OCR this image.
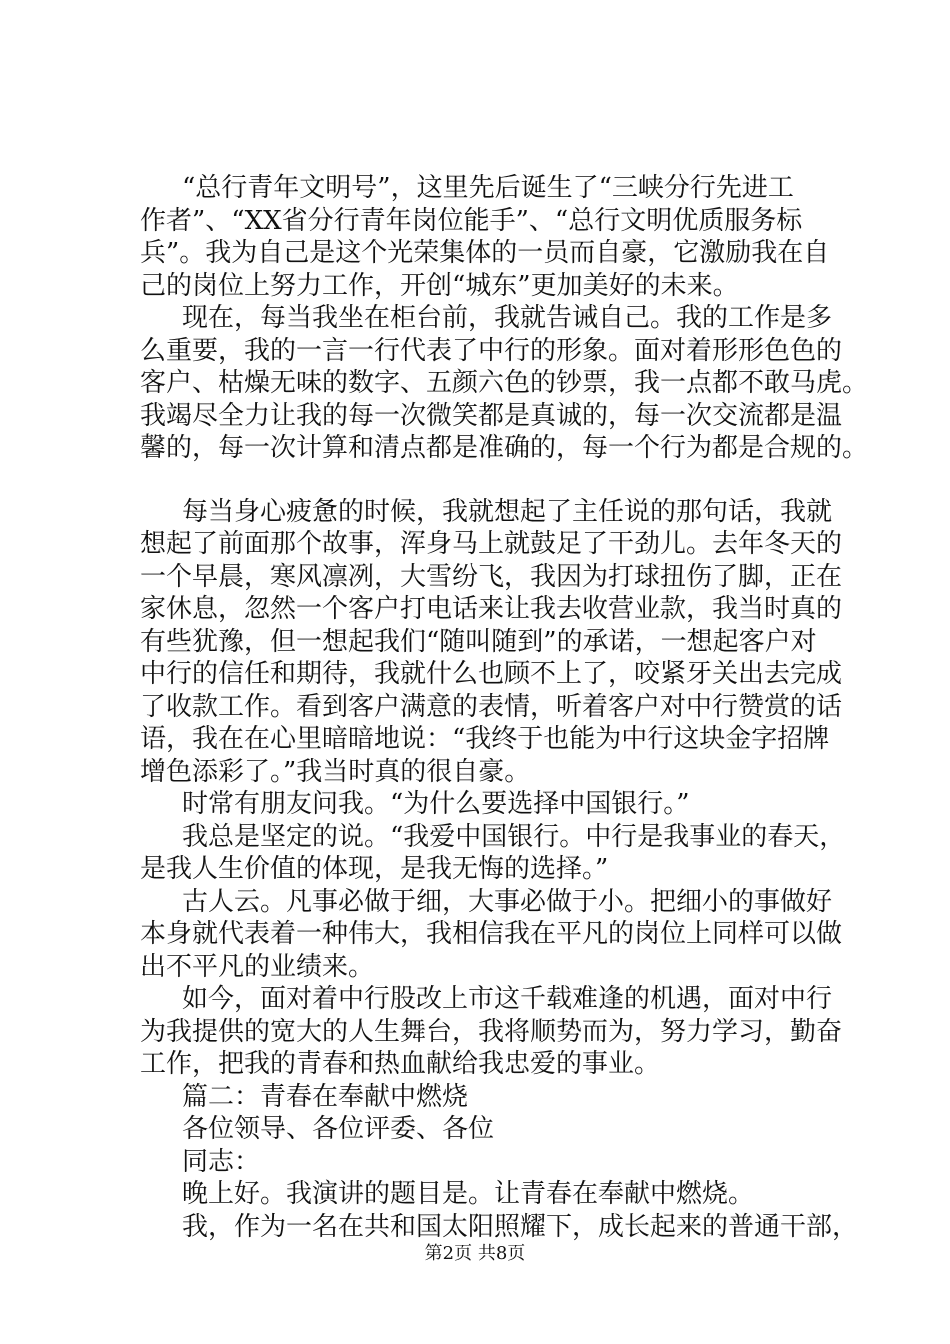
“总行青年文明号”，这里先后诞生了“三峡分行先进工
作者”、“XX省分行青年岗位能手”、“总行文明优质服务标
兵”。我为自己是这个光荣集体的一员而自豪，它激励我在自
己的岗位上努力工作，开创“城东”更加美好的未来。
现在，每当我坐在柜台前，我就告诫自己。我的工作是多
么重要，我的一言一行代表了中行的形象。面对着形形色色的
客户、枯燥无味的数字、五颜六色的钞票，我一点都不敢马虎。
我竭尽全力让我的每一次微笑都是真诚的，每一次交流都是温
馨的，每一次计算和清点都是准确的，每一个行为都是合规的。
每当身心疲惫的时候，我就想起了主任说的那句话，我就
想起了前面那个故事，浑身马上就鼓足了干劲儿。去年冬天的
一个早晨，寒风凛冽，大雪纷飞，我因为打球扭伤了脚，正在
家休息，忽然一个客户打电话来让我去收营业款，我当时真的
有些犹豫，但一想起我们“随叫随到”的承诺，一想起客户对
中行的信任和期待，我就什么也顾不上了，咬紧牙关出去完成
了收款工作。看到客户满意的表情，听着客户对中行赞赏的话
语，我在在心里暗暗地说：“我终于也能为中行这块金字招牌
增色添彩了。”我当时真的很自豪。
时常有朋友问我。“为什么要选择中国银行。”
我总是坚定的说。“我爱中国银行。中行是我事业的春天，
是我人生价值的体现，是我无悔的选择。”
古人云。凡事必做于细，大事必做于小。把细小的事做好
本身就代表着一种伟大，我相信我在平凡的岗位上同样可以做
出不平凡的业绩来。
如今，面对着中行股改上市这千载难逢的机遇，面对中行
为我提供的宽大的人生舞台，我将顺势而为，努力学习，勤奋
工作，把我的青春和热血献给我忠爱的事业。
篇二：青春在奉献中燃烧
各位领导、各位评委、各位
同志：
晚上好。我演讲的题目是。让青春在奉献中燃烧。
我，作为一名在共和国太阳照耀下，成长起来的普通干部，
第2页 共8页
